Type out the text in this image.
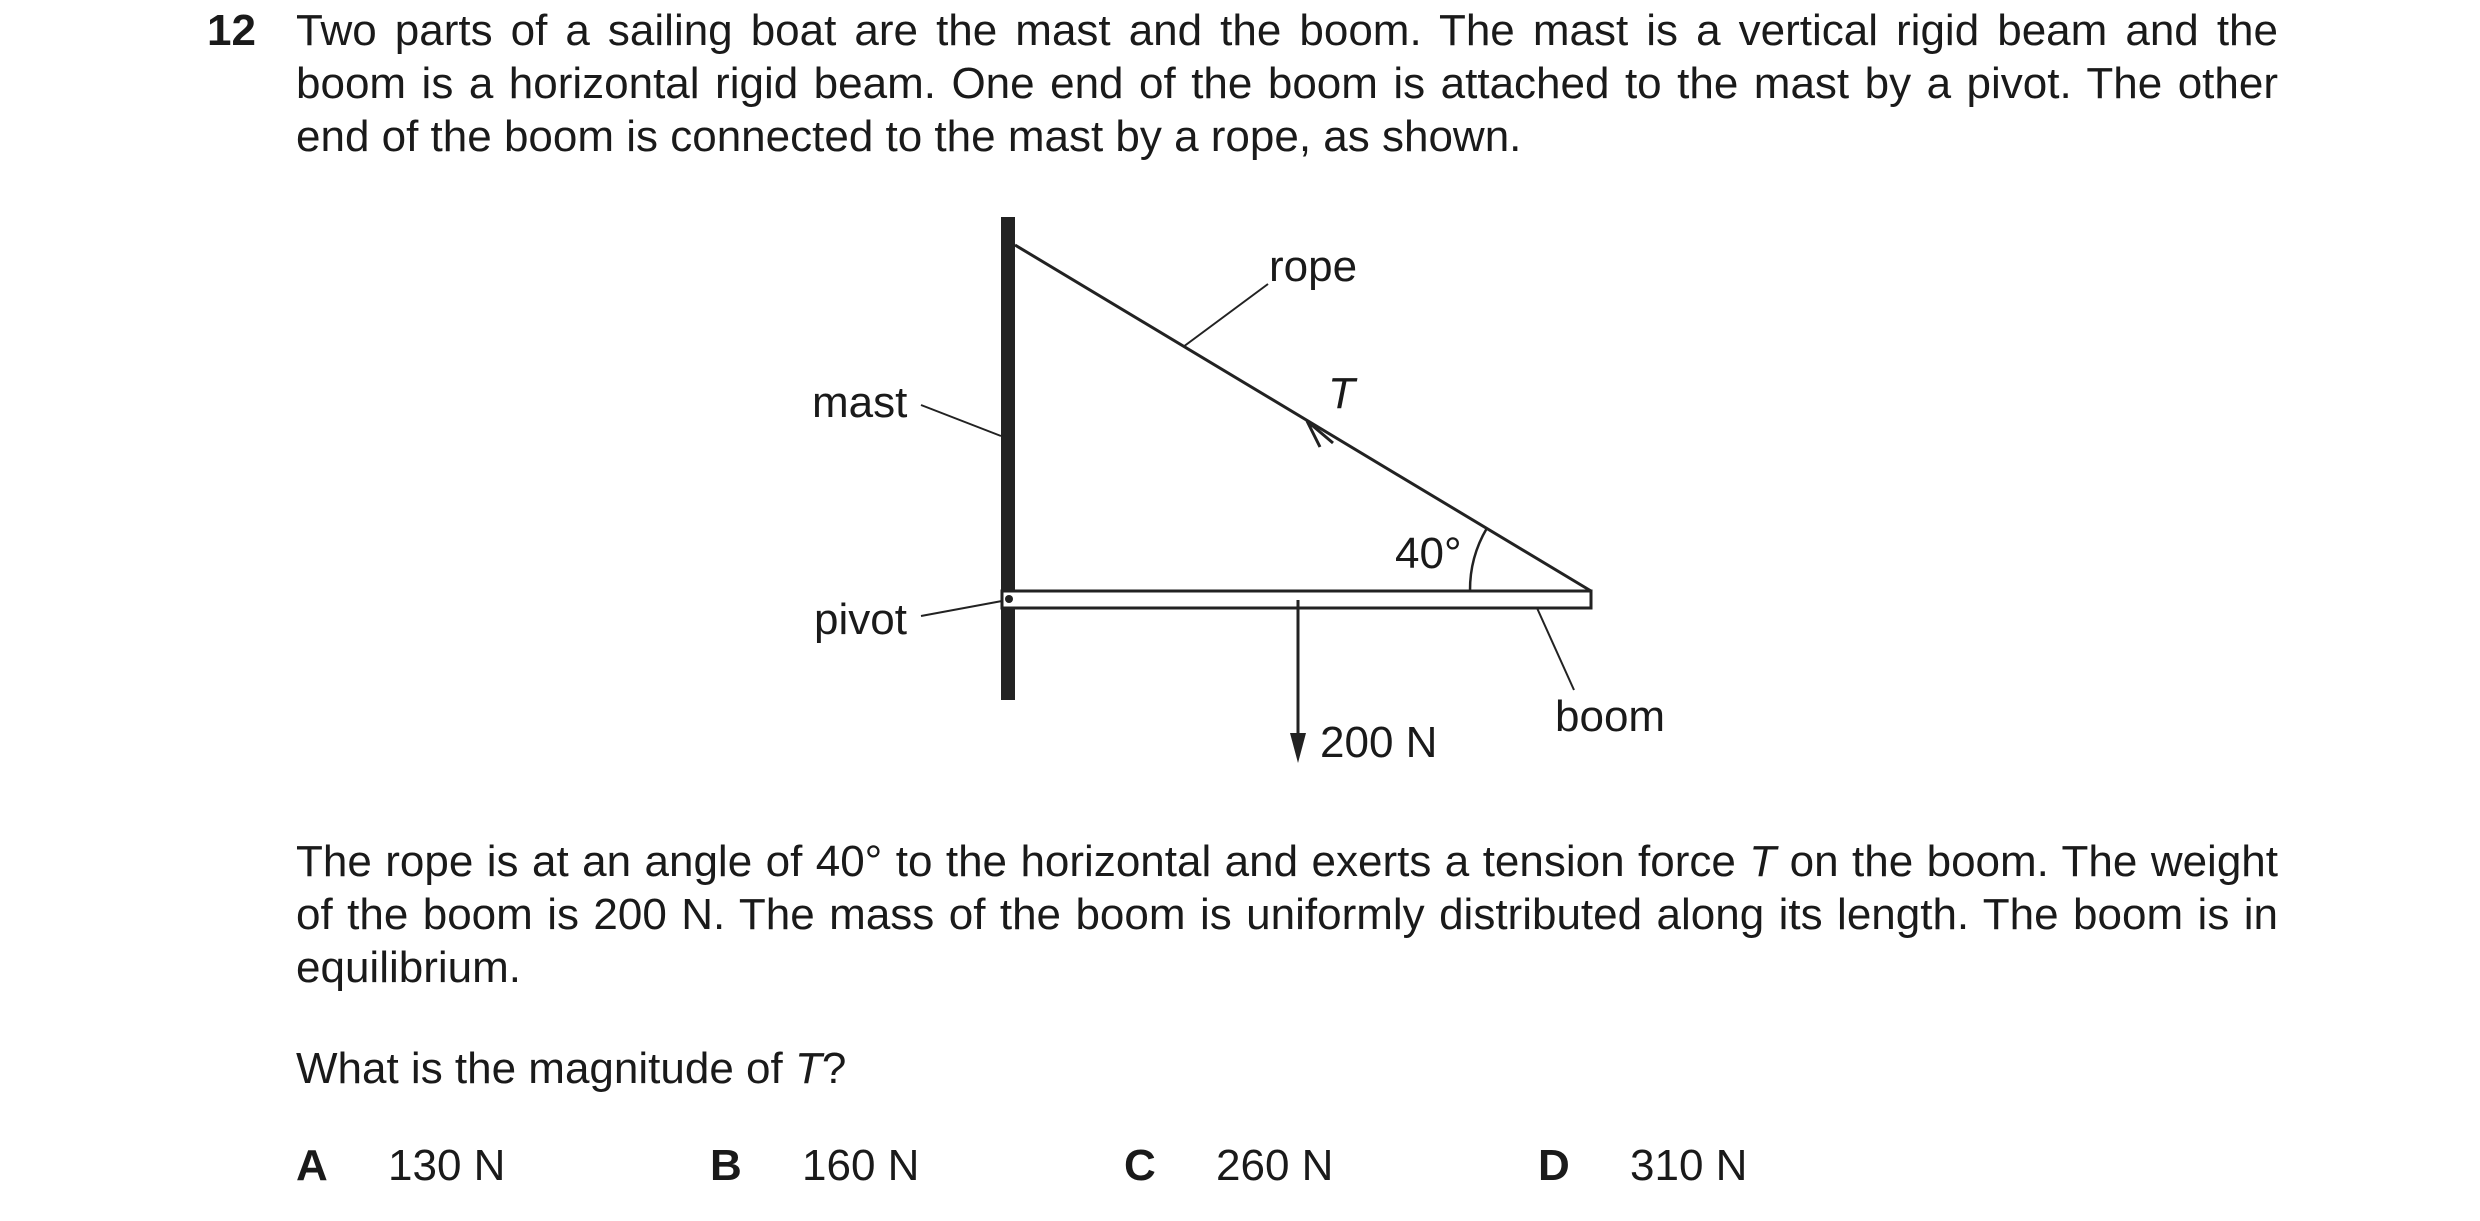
12 Two parts of a sailing boat are the mast and the boom. The mast is a vertical rigid beam and the boom is a horizontal rigid beam. One end of the boom is attached to the mast by a pivot. The other end of the boom is connected to the mast by a rope, as shown.
rope
T
mast
40°
pivot
boom
200 N
The rope is at an angle of 40° to the horizontal and exerts a tension force T on the boom. The weight of the boom is 200 N. The mass of the boom is uniformly distributed along its length. The boom is in equilibrium.
What is the magnitude of T?
A 130 N	B 160 N	C 260 N	D 310 N
